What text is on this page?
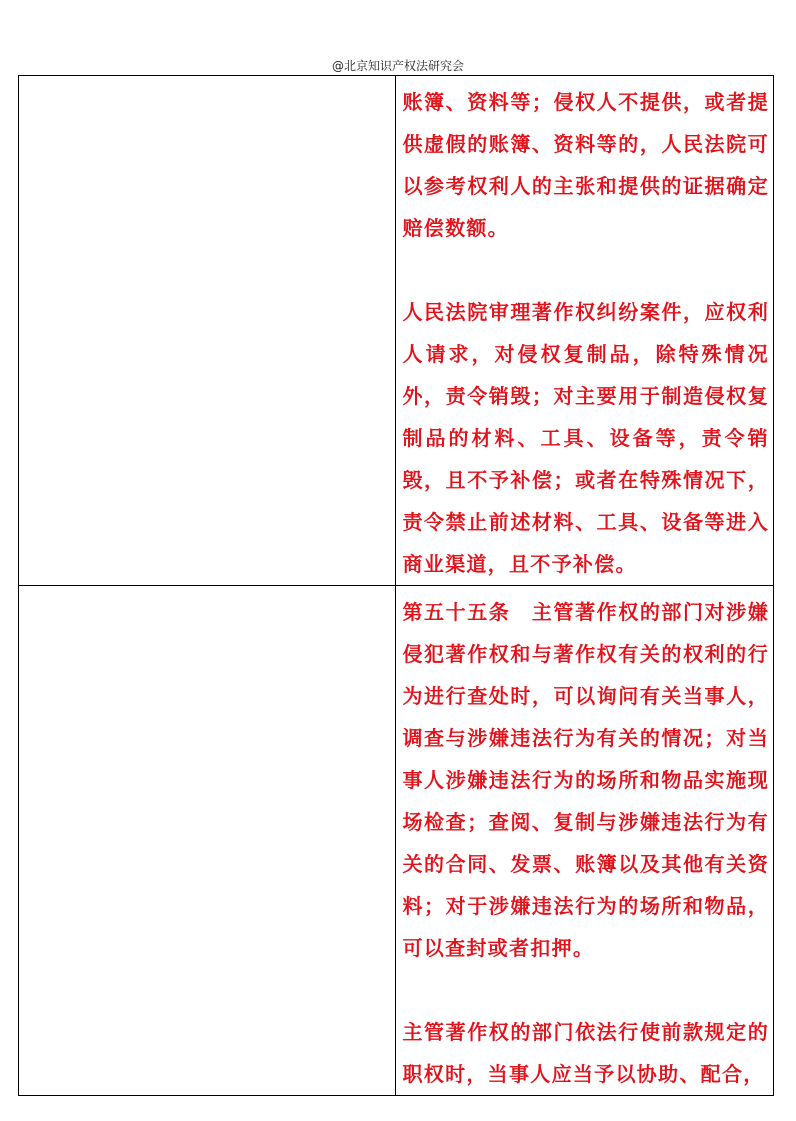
@北京知识产权法研究会

	账簿、资料等；侵权人不提供，或者提供虚假的账簿、资料等的，人民法院可以参考权利人的主张和提供的证据确定赔偿数额。

人民法院审理著作权纠纷案件，应权利人请求，对侵权复制品，除特殊情况外，责令销毁；对主要用于制造侵权复制品的材料、工具、设备等，责令销毁，且不予补偿；或者在特殊情况下，责令禁止前述材料、工具、设备等进入商业渠道，且不予补偿。

	第五十五条　主管著作权的部门对涉嫌侵犯著作权和与著作权有关的权利的行为进行查处时，可以询问有关当事人，调查与涉嫌违法行为有关的情况；对当事人涉嫌违法行为的场所和物品实施现场检查；查阅、复制与涉嫌违法行为有关的合同、发票、账簿以及其他有关资料；对于涉嫌违法行为的场所和物品，可以查封或者扣押。

主管著作权的部门依法行使前款规定的职权时，当事人应当予以协助、配合，
